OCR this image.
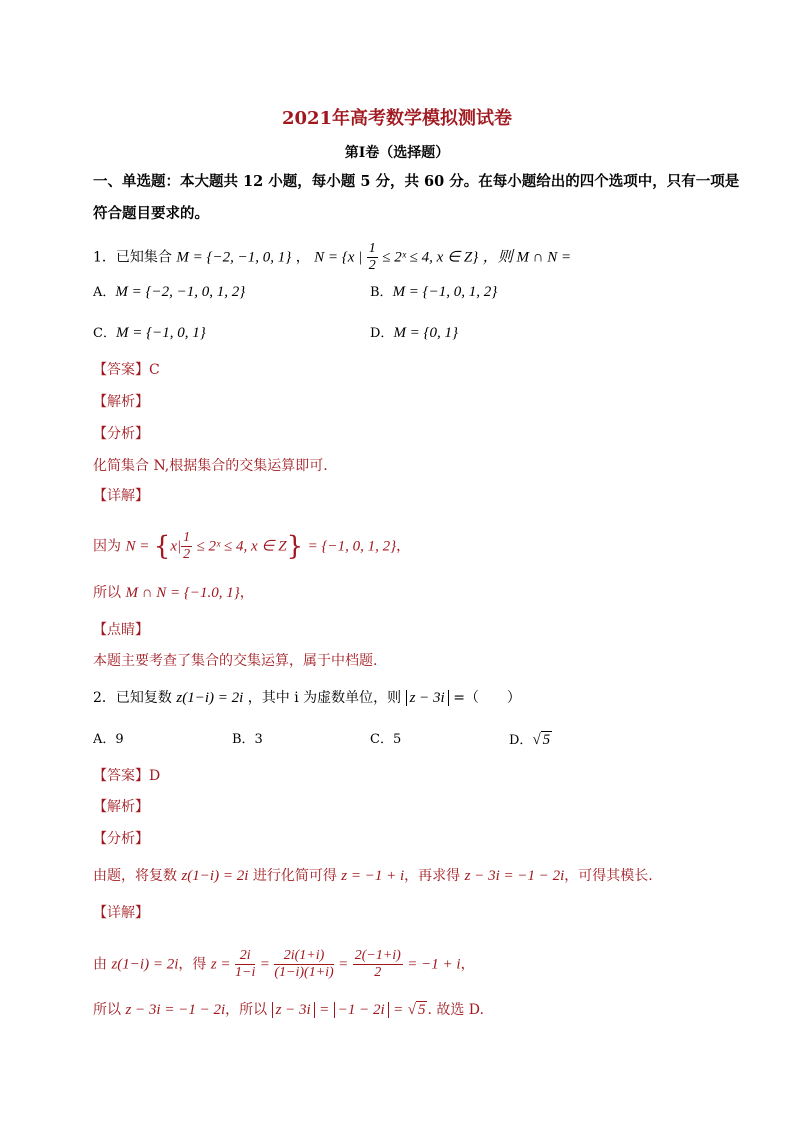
2021年高考数学模拟测试卷
第Ⅰ卷（选择题）
一、单选题：本大题共 12 小题，每小题 5 分，共 60 分。在每小题给出的四个选项中，只有一项是
符合题目要求的。
1．已知集合 M = {−2, −1, 0, 1} ， N = {x | $\frac{1}{2}$ ≤ 2ˣ ≤ 4, x ∈ Z} ，则 M ∩ N =
A．M = {−2, −1, 0, 1, 2}	B．M = {−1, 0, 1, 2}
C．M = {−1, 0, 1}	D．M = {0, 1}
【答案】C
【解析】
【分析】
化简集合 N,根据集合的交集运算即可.
【详解】
因为 $N = \{x| \frac{1}{2}$ ≤ 2ˣ ≤ 4, x ∈ Z} = {−1, 0, 1, 2}，
所以 M ∩ N = {−1.0, 1}，
【点睛】
本题主要考查了集合的交集运算，属于中档题.
2．已知复数 z(1−i) = 2i ，其中 i 为虚数单位，则 z − 3i =（　　）
A．9	B．3	C．5	D．√ 5
【答案】D
【解析】
【分析】
由题，将复数 z(1−i) = 2i 进行化简可得 z = −1 + i，再求得 z − 3i = −1 − 2i，可得其模长.
【详解】
由 z(1−i) = 2i，得 $z = \frac{2i}{1-i} = \frac{2i(1+i)}{(1-i)(1+i)} = \frac{2(-1+i)}{2} = -1 + i$，
所以 z − 3i = −1 − 2i，所以 z − 3i = −1 − 2i = √ 5 . 故选 D.
